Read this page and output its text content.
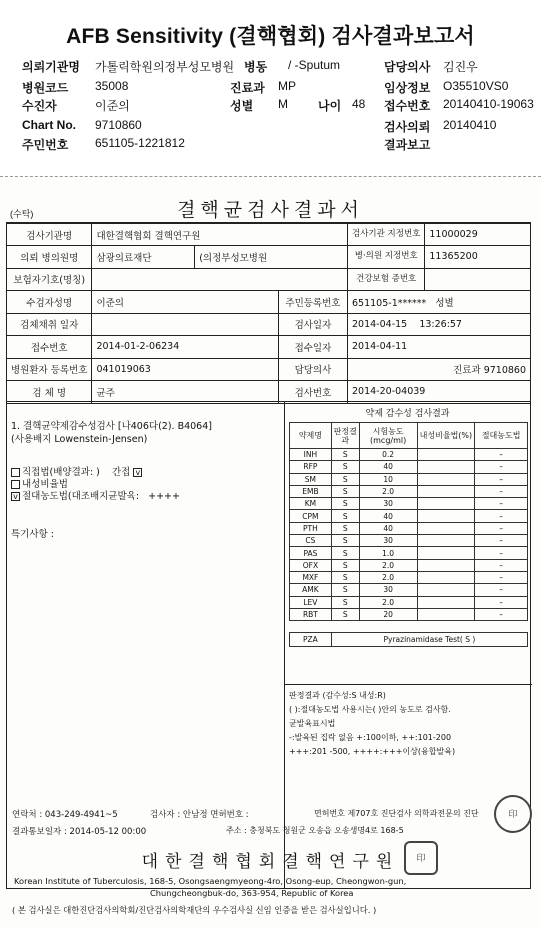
AFB Sensitivity (결핵협회) 검사결과보고서
의뢰기관명 가톨릭학원의정부성모병원 병동 / -Sputum	담당의사 김진우
병원코드 35008	진료과 MP	임상정보 O35510VS0
수진자	이준의	성별 M	나이 48 접수번호 20140410-19063
Chart No. 9710860	검사의뢰 20140410
주민번호 651105-1221812	결과보고
결핵균검사결과서
(수탁)
검사기관명	대한결핵협회 결핵연구원			검사기관 지정번호	11000029
의뢰 병의원명	삼광의료재단	(의정부성모병원		병·의원 지정번호	11365200
보험자기호(명칭)				건강보험 증번호	
수검자성명	이준의		주민등록번호	651105-1****** 성별	
검체채취 일자			검사일자	2014-04-15 13:26:57	
접수번호	2014-01-2-06234		접수일자	2014-04-11	
병원환자 등록번호	041019063		담당의사	진료과 9710860	
검 체 명	균주		검사번호	2014-20-04039	
1. 결핵균약제감수성검사 [나406다(2). B4064]
(사용배지 Lowenstein-Jensen)
직접법(배양결과: ) 간접 v
내성비율법
v 절대농도법(대조배지균발육: ++++
특기사항 :
약제 감수성 검사결과
약제명	판정결과	시험농도(mcg/ml)	내성비율법(%)	절대농도법
INH	S	0.2		–
RFP	S	40		–
SM	S	10		–
EMB	S	2.0		–
KM	S	30		–
CPM	S	40		–
PTH	S	40		–
CS	S	30		–
PAS	S	1.0		–
OFX	S	2.0		–
MXF	S	2.0		–
AMK	S	30		–
LEV	S	2.0		–
RBT	S	20		–

PZA	Pyrazinamidase Test( S )			
판정결과 (감수성:S 내성:R)
( ):절대농도법 사용시는( )안의 농도로 검사함.
균발육표시법
-:발육된 집락 없음 +:100이하, ++:101-200
+++:201 -500, ++++:+++이상(융합발육)
연락처 : 043-249-4941~5	검사자 : 안남정 면허번호 :	면허번호 제707호 진단검사 의학과전문의 진단
결과통보일자 : 2014-05-12 00:00	주소 : 충청북도 청원군 오송읍 오송생명4로 168-5
印
印
대한결핵협회결핵연구원
Korean Institute of Tuberculosis, 168-5, Osongsaengmyeong-4ro, Osong-eup, Cheongwon-gun,
Chungcheongbuk-do, 363-954, Republic of Korea
( 본 검사실은 대한진단검사의학회/진단검사의학재단의 우수검사실 신임 인증을 받은 검사실입니다. )
